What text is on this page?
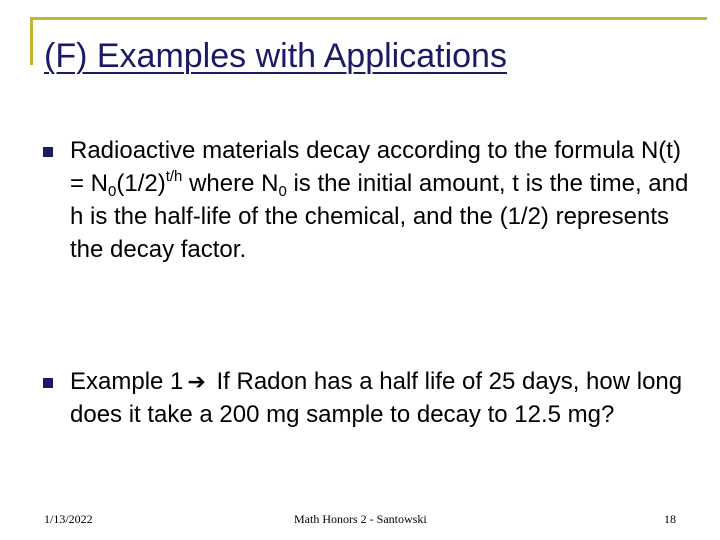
(F) Examples with Applications
Radioactive materials decay according to the formula $N(t) = N_0(1/2)^{t/h}$ where $N_0$ is the initial amount, t is the time, and h is the half-life of the chemical, and the (1/2) represents the decay factor.
Example 1 ➔ If Radon has a half life of 25 days, how long does it take a 200 mg sample to decay to 12.5 mg?
1/13/2022	Math Honors 2 - Santowski	18
